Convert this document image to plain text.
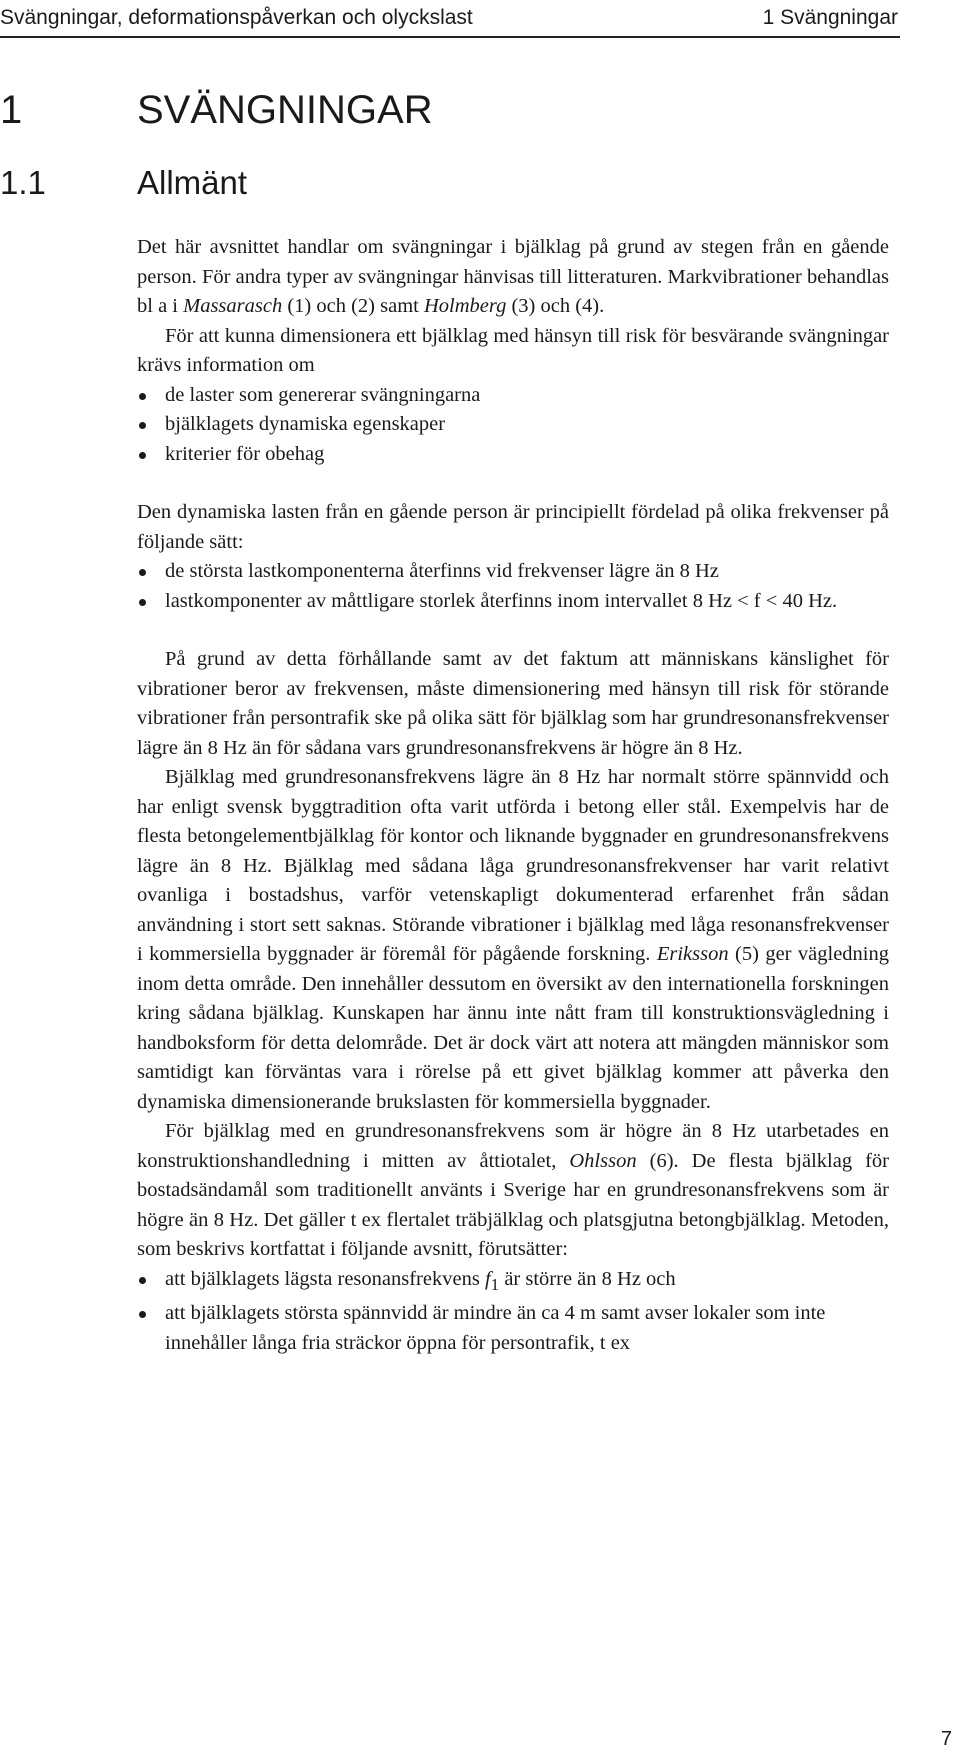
Svängningar, deformationspåverkan och olyckslast	1 Svängningar
1	SVÄNGNINGAR
1.1	Allmänt

Det här avsnittet handlar om svängningar i bjälklag på grund av stegen från en gående person. För andra typer av svängningar hänvisas till litteraturen. Markvibrationer behandlas bl a i Massarasch (1) och (2) samt Holmberg (3) och (4).

För att kunna dimensionera ett bjälklag med hänsyn till risk för besvärande svängningar krävs information om

de laster som genererar svängningarna
bjälklagets dynamiska egenskaper
kriterier för obehag

Den dynamiska lasten från en gående person är principiellt fördelad på olika frekvenser på följande sätt:

de största lastkomponenterna återfinns vid frekvenser lägre än 8 Hz
lastkomponenter av måttligare storlek återfinns inom intervallet 8 Hz < f < 40 Hz.

På grund av detta förhållande samt av det faktum att människans känslighet för vibrationer beror av frekvensen, måste dimensionering med hänsyn till risk för störande vibrationer från persontrafik ske på olika sätt för bjälklag som har grundresonansfrekvenser lägre än 8 Hz än för sådana vars grundresonansfrekvens är högre än 8 Hz.

Bjälklag med grundresonansfrekvens lägre än 8 Hz har normalt större spännvidd och har enligt svensk byggtradition ofta varit utförda i betong eller stål. Exempelvis har de flesta betongelementbjälklag för kontor och liknande byggnader en grundresonansfrekvens lägre än 8 Hz. Bjälklag med sådana låga grundresonansfrekvenser har varit relativt ovanliga i bostadshus, varför vetenskapligt dokumenterad erfarenhet från sådan användning i stort sett saknas. Störande vibrationer i bjälklag med låga resonansfrekvenser i kommersiella byggnader är föremål för pågående forskning. Eriksson (5) ger vägledning inom detta område. Den innehåller dessutom en översikt av den internationella forskningen kring sådana bjälklag. Kunskapen har ännu inte nått fram till konstruktionsvägledning i handboksform för detta delområde. Det är dock värt att notera att mängden människor som samtidigt kan förväntas vara i rörelse på ett givet bjälklag kommer att påverka den dynamiska dimensionerande brukslasten för kommersiella byggnader.

För bjälklag med en grundresonansfrekvens som är högre än 8 Hz utarbetades en konstruktionshandledning i mitten av åttiotalet, Ohlsson (6). De flesta bjälklag för bostadsändamål som traditionellt använts i Sverige har en grundresonansfrekvens som är högre än 8 Hz. Det gäller t ex flertalet träbjälklag och platsgjutna betongbjälklag. Metoden, som beskrivs kortfattat i följande avsnitt, förutsätter:

att bjälklagets lägsta resonansfrekvens $f_1$ är större än 8 Hz och
att bjälklagets största spännvidd är mindre än ca 4 m samt avser lokaler som inte innehåller långa fria sträckor öppna för persontrafik, t ex
7
